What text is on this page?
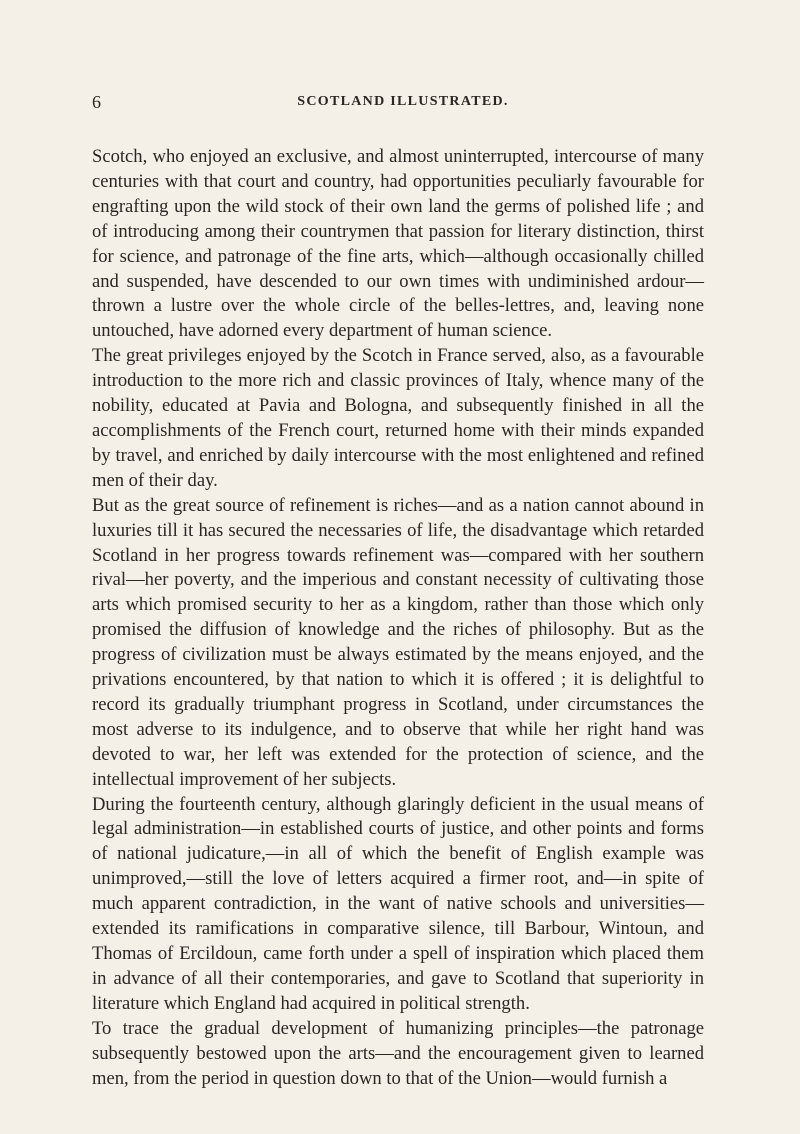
6	SCOTLAND ILLUSTRATED.

Scotch, who enjoyed an exclusive, and almost uninterrupted, intercourse of many centuries with that court and country, had opportunities peculiarly favourable for engrafting upon the wild stock of their own land the germs of polished life ; and of introducing among their countrymen that passion for literary distinction, thirst for science, and patronage of the fine arts, which—although occasionally chilled and suspended, have descended to our own times with undiminished ardour—thrown a lustre over the whole circle of the belles-lettres, and, leaving none untouched, have adorned every department of human science.

The great privileges enjoyed by the Scotch in France served, also, as a favourable introduction to the more rich and classic provinces of Italy, whence many of the nobility, educated at Pavia and Bologna, and subsequently finished in all the accomplishments of the French court, returned home with their minds expanded by travel, and enriched by daily intercourse with the most enlightened and refined men of their day.

But as the great source of refinement is riches—and as a nation cannot abound in luxuries till it has secured the necessaries of life, the disadvantage which retarded Scotland in her progress towards refinement was—compared with her southern rival—her poverty, and the imperious and constant necessity of cultivating those arts which promised security to her as a kingdom, rather than those which only promised the diffusion of knowledge and the riches of philosophy. But as the progress of civilization must be always estimated by the means enjoyed, and the privations encountered, by that nation to which it is offered ; it is delightful to record its gradually triumphant progress in Scotland, under circumstances the most adverse to its indulgence, and to observe that while her right hand was devoted to war, her left was extended for the protection of science, and the intellectual improvement of her subjects.

During the fourteenth century, although glaringly deficient in the usual means of legal administration—in established courts of justice, and other points and forms of national judicature,—in all of which the benefit of English example was unimproved,—still the love of letters acquired a firmer root, and—in spite of much apparent contradiction, in the want of native schools and universities— extended its ramifications in comparative silence, till Barbour, Wintoun, and Thomas of Ercildoun, came forth under a spell of inspiration which placed them in advance of all their contemporaries, and gave to Scotland that superiority in literature which England had acquired in political strength.

To trace the gradual development of humanizing principles—the patronage subsequently bestowed upon the arts—and the encouragement given to learned men, from the period in question down to that of the Union—would furnish a
